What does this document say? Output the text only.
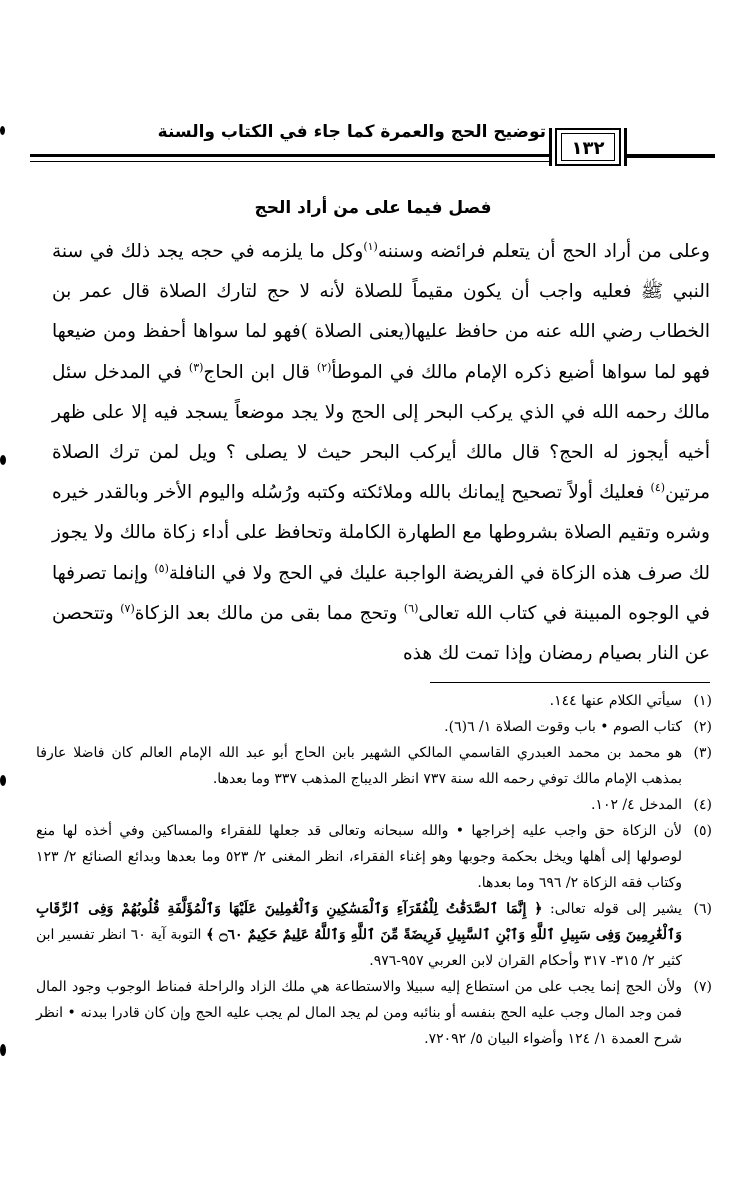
١٣٢
توضيح الحج والعمرة كما جاء في الكتاب والسنة
فصل فيما على من أراد الحج
وعلى من أراد الحج أن يتعلم فرائضه وسننه$^{(١)}$وكل ما يلزمه في حجه يجد ذلك في سنة النبي ﷺ فعليه واجب أن يكون مقيماً للصلاة لأنه لا حج لتارك الصلاة قال عمر بن الخطاب رضي الله عنه من حافظ عليها(يعنى الصلاة )فهو لما سواها أحفظ ومن ضيعها فهو لما سواها أضيع ذكره الإمام مالك في الموطأ$^{(٢)}$ قال ابن الحاج$^{(٣)}$ في المدخل سئل مالك رحمه الله في الذي يركب البحر إلى الحج ولا يجد موضعاً يسجد فيه إلا على ظهر أخيه أيجوز له الحج؟ قال مالك أيركب البحر حيث لا يصلى ؟ ويل لمن ترك الصلاة مرتين$^{(٤)}$ فعليك أولاً تصحيح إيمانك بالله وملائكته وكتبه ورُسُله واليوم الأخر وبالقدر خيره وشره وتقيم الصلاة بشروطها مع الطهارة الكاملة وتحافظ على أداء زكاة مالك ولا يجوز لك صرف هذه الزكاة في الفريضة الواجبة عليك في الحج ولا في النافلة$^{(٥)}$ وإنما تصرفها في الوجوه المبينة في كتاب الله تعالى$^{(٦)}$ وتحج مما بقى من مالك بعد الزكاة$^{(٧)}$ وتتحصن عن النار بصيام رمضان وإذا تمت لك هذه
(١)
سيأتي الكلام عنها ١٤٤.
(٢)
كتاب الصوم • باب وقوت الصلاة ١/ ٦(٦).
(٣)
هو محمد بن محمد العبدري القاسمي المالكي الشهير بابن الحاج أبو عبد الله الإمام العالم كان فاضلا عارفا بمذهب الإمام مالك توفي رحمه الله سنة ٧٣٧ انظر الديباج المذهب ٣٣٧ وما بعدها.
(٤)
المدخل ٤/ ١٠٢.
(٥)
لأن الزكاة حق واجب عليه إخراجها • والله سبحانه وتعالى قد جعلها للفقراء والمساكين وفي أخذه لها منع لوصولها إلى أهلها ويخل بحكمة وجوبها وهو إغناء الفقراء، انظر المغنى ٢/ ٥٢٣ وما بعدها وبدائع الصنائع ٢/ ١٢٣ وكتاب فقه الزكاة ٢/ ٦٩٦ وما بعدها.
(٦)
يشير إلى قوله تعالى: ﴿ إِنَّمَا ٱلصَّدَقَٰتُ لِلْفُقَرَآءِ وَٱلْمَسَٰكِينِ وَٱلْعَٰمِلِينَ عَلَيْهَا وَٱلْمُؤَلَّفَةِ قُلُوبُهُمْ وَفِى ٱلرِّقَابِ وَٱلْغَٰرِمِينَ وَفِى سَبِيلِ ٱللَّهِ وَٱبْنِ ٱلسَّبِيلِ فَرِيضَةً مِّنَ ٱللَّهِ وَٱللَّهُ عَلِيمٌ حَكِيمٌ ۝٦٠ ﴾ التوبة آية ٦٠ انظر تفسير ابن كثير ٢/ ٣١٥- ٣١٧ وأحكام القران لابن العربي ٩٥٧-٩٧٦.
(٧)
ولأن الحج إنما يجب على من استطاع إليه سبيلا والاستطاعة هي ملك الزاد والراحلة فمناط الوجوب وجود المال فمن وجد المال وجب عليه الحج بنفسه أو بنائبه ومن لم يجد المال لم يجب عليه الحج وإن كان قادرا ببدنه • انظر شرح العمدة ١/ ١٢٤ وأضواء البيان ٥/ ٧٢٠٩٢.
